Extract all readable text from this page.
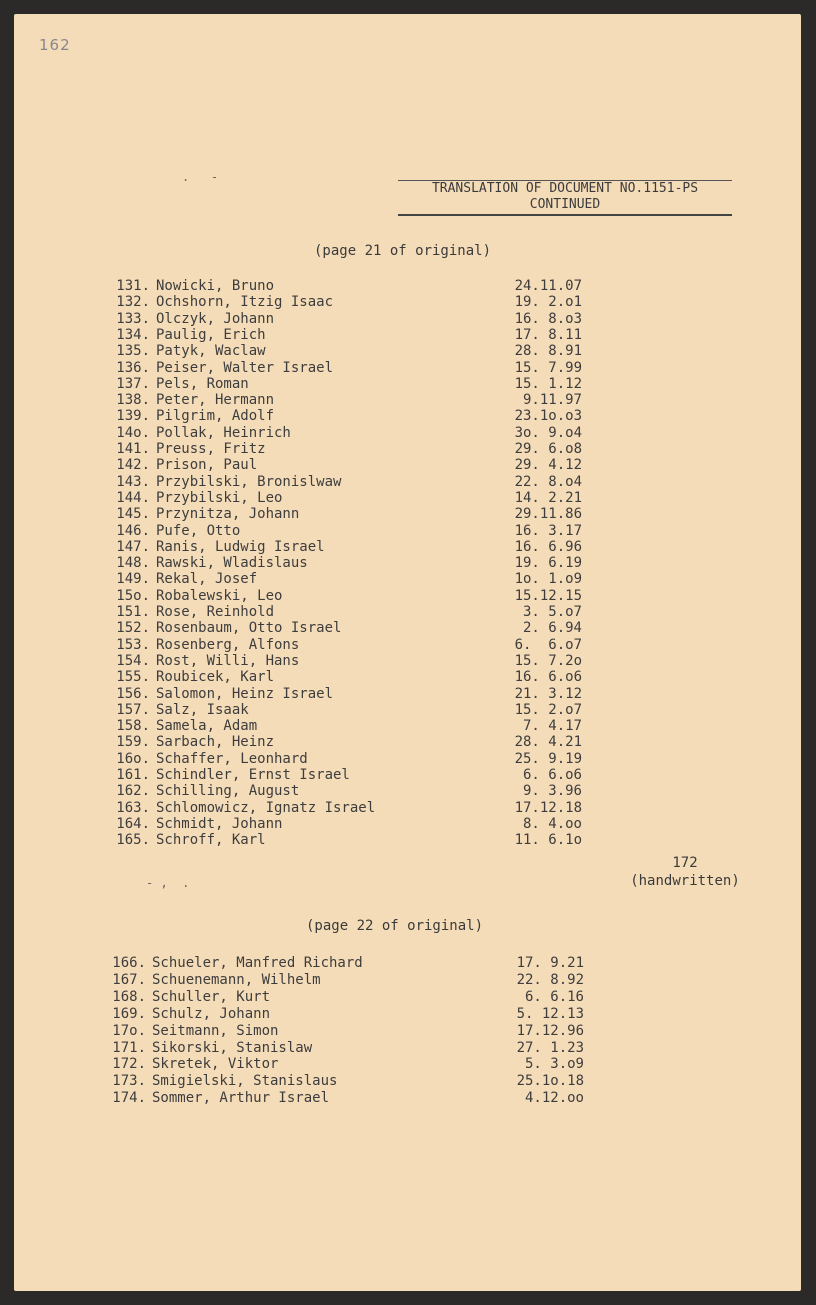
162
.   -
TRANSLATION OF DOCUMENT NO.1151-PS
CONTINUED
(page 21 of original)
131. Nowicki, Bruno	24.11.07
132. Ochshorn, Itzig Isaac	19. 2.o1
133. Olczyk, Johann	16. 8.o3
134. Paulig, Erich	17. 8.11
135. Patyk, Waclaw	28. 8.91
136. Peiser, Walter Israel	15. 7.99
137. Pels, Roman	15. 1.12
138. Peter, Hermann	9.11.97
139. Pilgrim, Adolf	23.1o.o3
14o. Pollak, Heinrich	3o. 9.o4
141. Preuss, Fritz	29. 6.o8
142. Prison, Paul	29. 4.12
143. Przybilski, Bronislwaw	22. 8.o4
144. Przybilski, Leo	14. 2.21
145. Przynitza, Johann	29.11.86
146. Pufe, Otto	16. 3.17
147. Ranis, Ludwig Israel	16. 6.96
148. Rawski, Wladislaus	19. 6.19
149. Rekal, Josef	1o. 1.o9
15o. Robalewski, Leo	15.12.15
151. Rose, Reinhold	3. 5.o7
152. Rosenbaum, Otto Israel	2. 6.94
153. Rosenberg, Alfons	6.  6.o7
154. Rost, Willi, Hans	15. 7.2o
155. Roubicek, Karl	16. 6.o6
156. Salomon, Heinz Israel	21. 3.12
157. Salz, Isaak	15. 2.o7
158. Samela, Adam	7. 4.17
159. Sarbach, Heinz	28. 4.21
16o. Schaffer, Leonhard	25. 9.19
161. Schindler, Ernst Israel	6. 6.o6
162. Schilling, August	9. 3.96
163. Schlomowicz, Ignatz Israel	17.12.18
164. Schmidt, Johann	8. 4.oo
165. Schroff, Karl	11. 6.1o
172
(handwritten)
- ,  .
(page 22 of original)
166. Schueler, Manfred Richard	17. 9.21
167. Schuenemann, Wilhelm	22. 8.92
168. Schuller, Kurt	6. 6.16
169. Schulz, Johann	5. 12.13
17o. Seitmann, Simon	17.12.96
171. Sikorski, Stanislaw	27. 1.23
172. Skretek, Viktor	5. 3.o9
173. Smigielski, Stanislaus	25.1o.18
174. Sommer, Arthur Israel	4.12.oo
